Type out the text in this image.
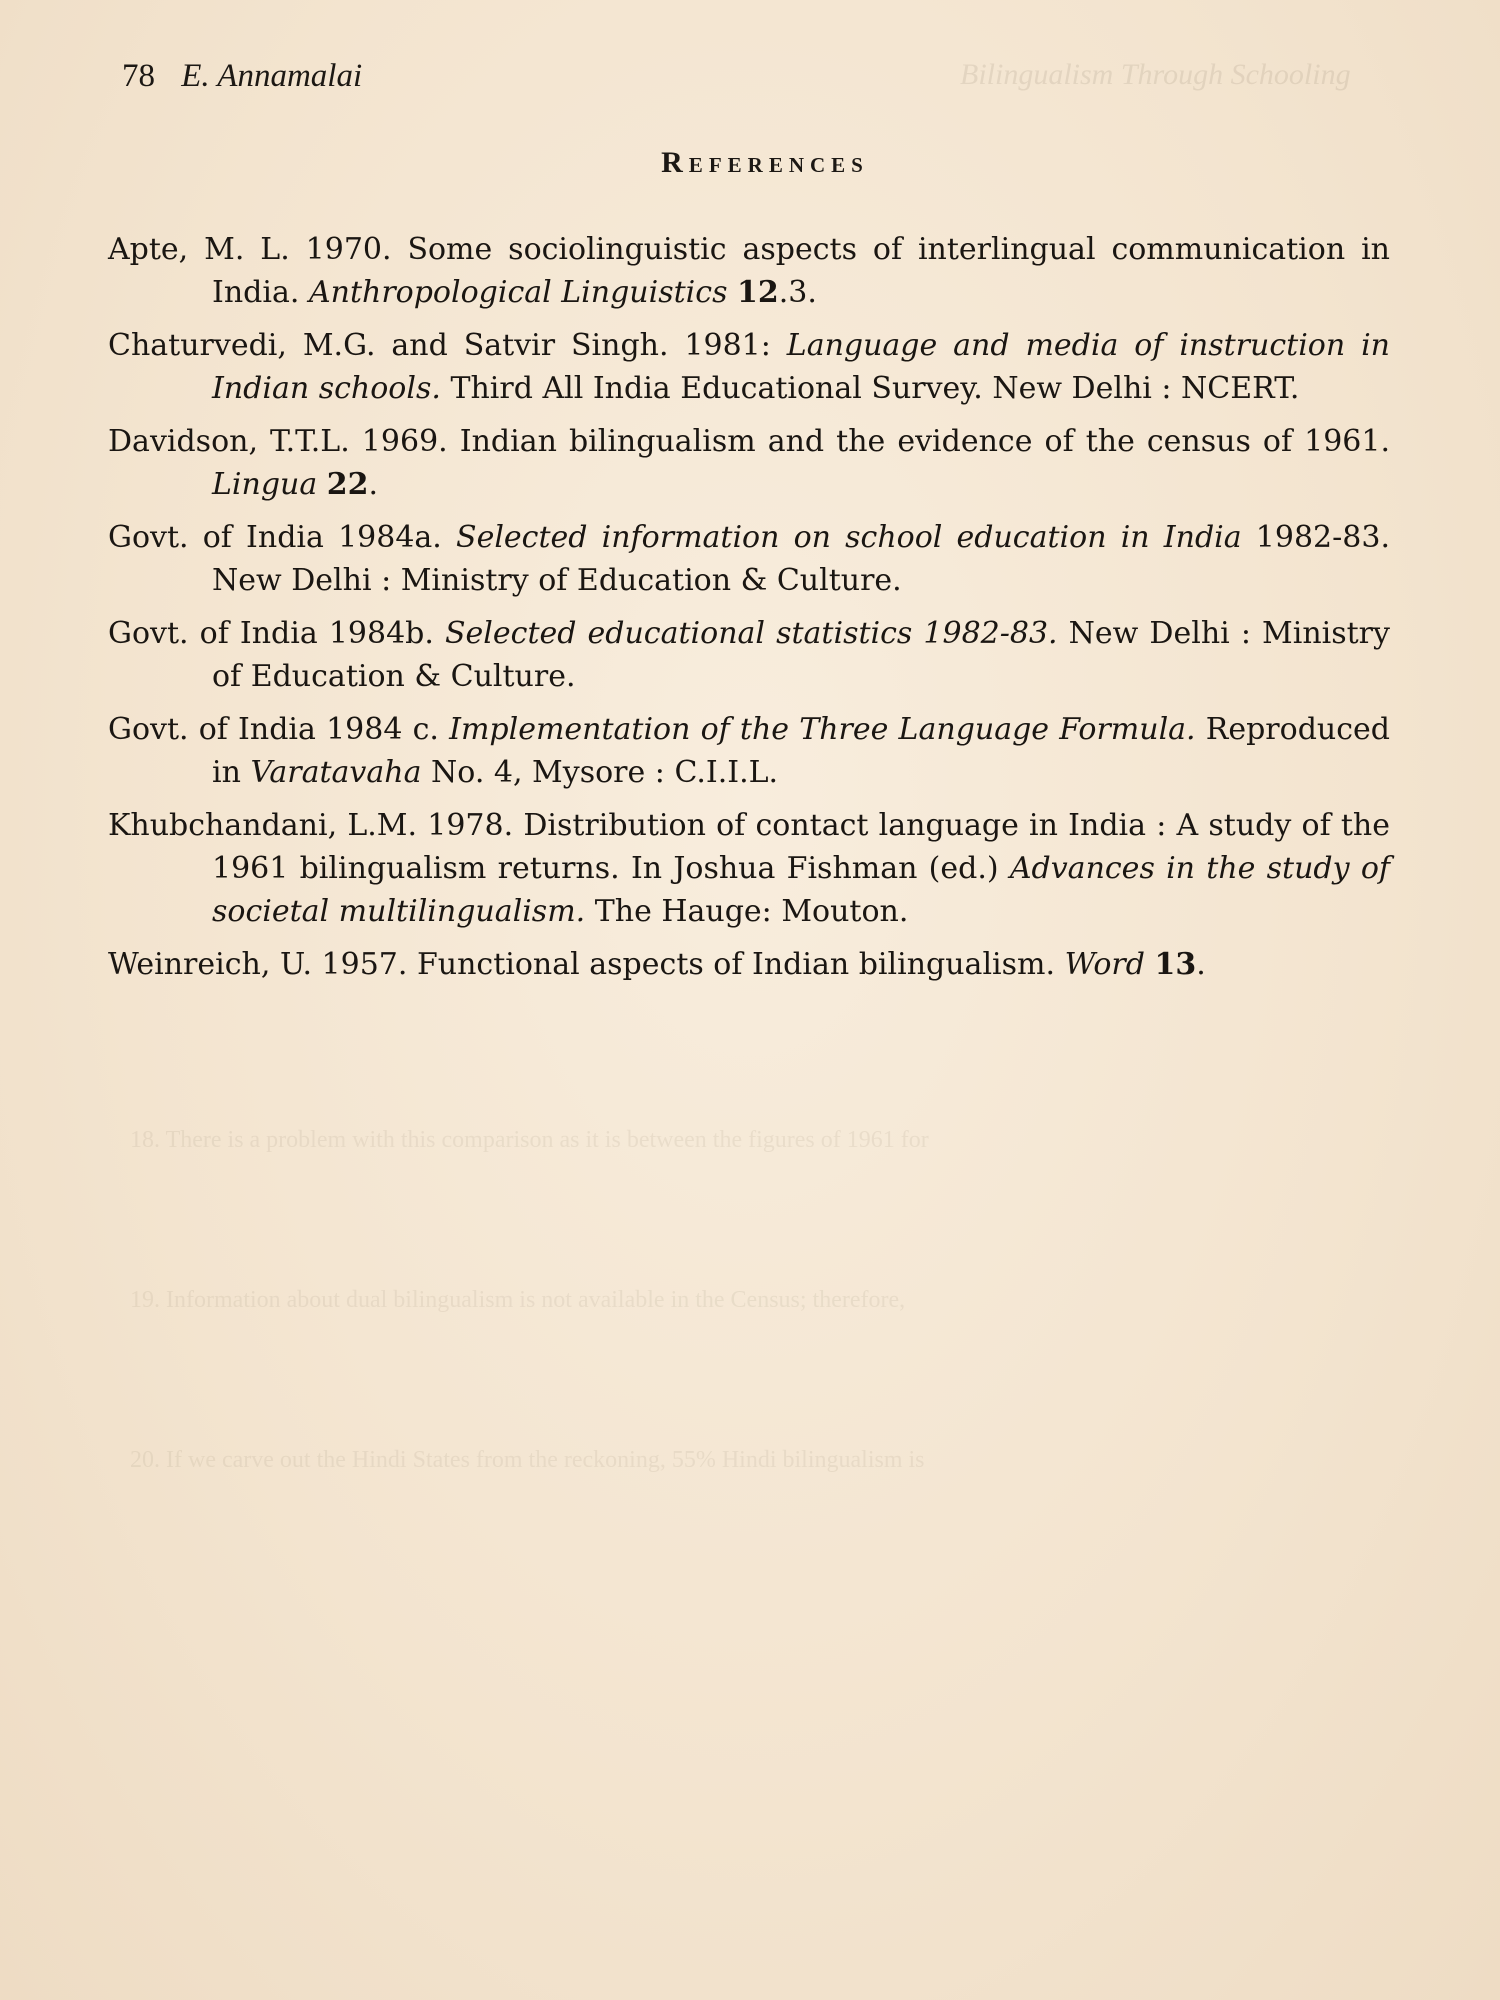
Bilingualism Through Schooling
18. There is a problem with this comparison as it is between the figures of 1961 for
19. Information about dual bilingualism is not available in the Census; therefore,
20. If we carve out the Hindi States from the reckoning, 55% Hindi bilingualism is
78 E. Annamalai
References
Apte, M. L. 1970. Some sociolinguistic aspects of interlingual communication in India. Anthropological Linguistics 12.3.
Chaturvedi, M.G. and Satvir Singh. 1981: Language and media of instruction in Indian schools. Third All India Educational Survey. New Delhi : NCERT.
Davidson, T.T.L. 1969. Indian bilingualism and the evidence of the census of 1961. Lingua 22.
Govt. of India 1984a. Selected information on school education in India 1982-83. New Delhi : Ministry of Education & Culture.
Govt. of India 1984b. Selected educational statistics 1982-83. New Delhi : Ministry of Education & Culture.
Govt. of India 1984 c. Implementation of the Three Language Formula. Reproduced in Varatavaha No. 4, Mysore : C.I.I.L.
Khubchandani, L.M. 1978. Distribution of contact language in India : A study of the 1961 bilingualism returns. In Joshua Fishman (ed.) Advances in the study of societal multilingualism. The Hauge: Mouton.
Weinreich, U. 1957. Functional aspects of Indian bilingualism. Word 13.
